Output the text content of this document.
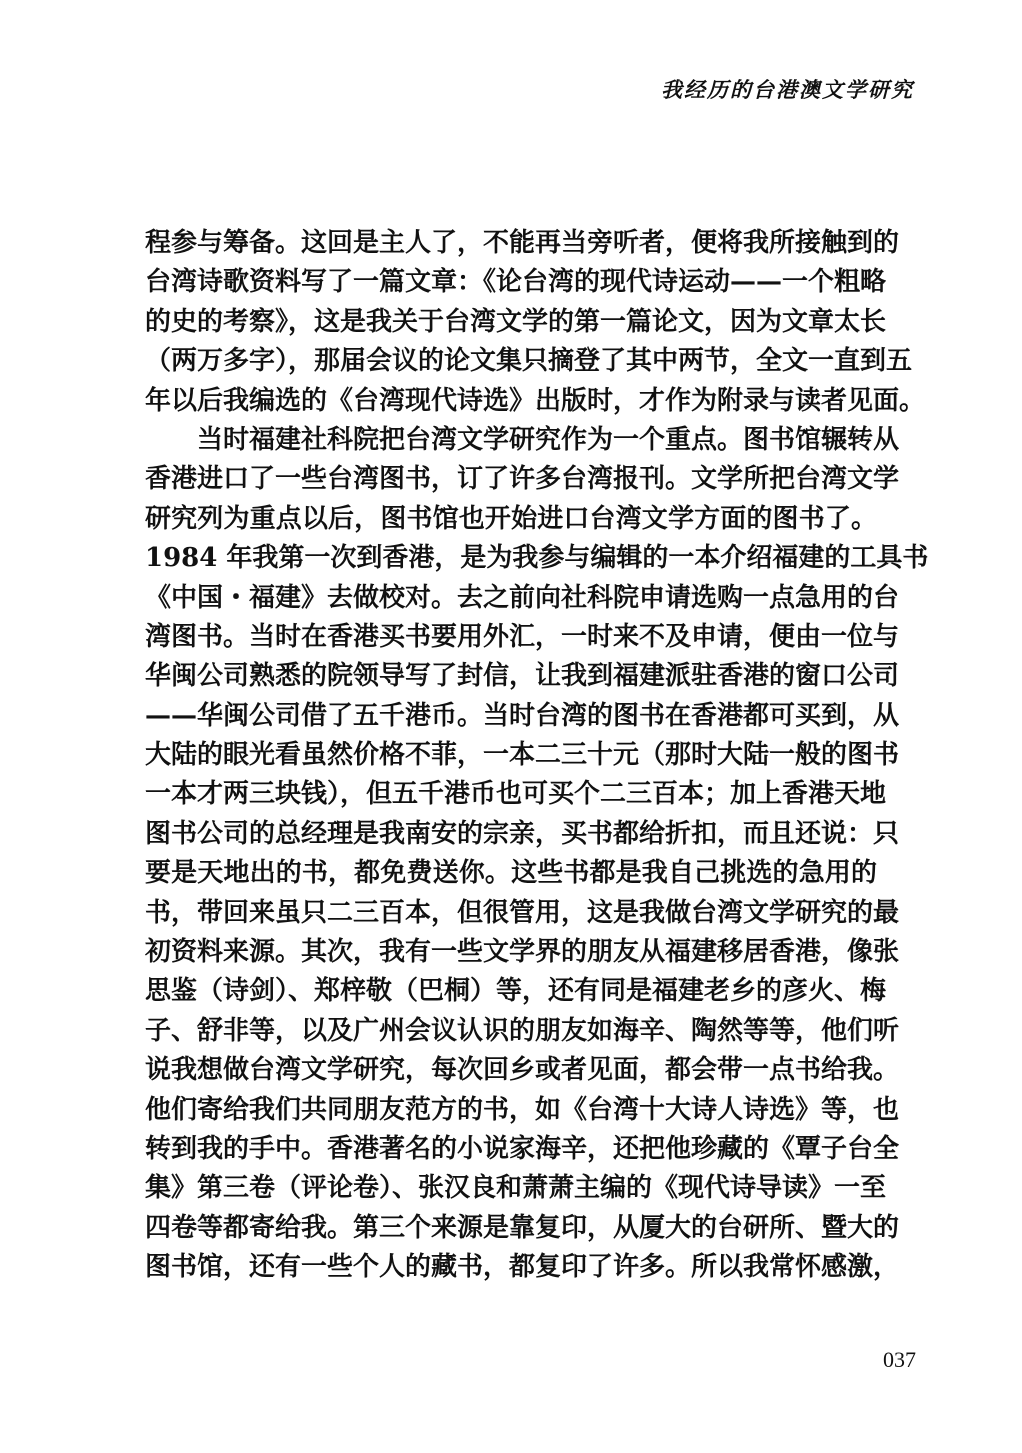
我经历的台港澳文学研究
程参与筹备。这回是主人了，不能再当旁听者，便将我所接触到的
台湾诗歌资料写了一篇文章：《论台湾的现代诗运动——一个粗略
的史的考察》，这是我关于台湾文学的第一篇论文，因为文章太长
（两万多字），那届会议的论文集只摘登了其中两节，全文一直到五
年以后我编选的《台湾现代诗选》出版时，才作为附录与读者见面。
　　当时福建社科院把台湾文学研究作为一个重点。图书馆辗转从
香港进口了一些台湾图书，订了许多台湾报刊。文学所把台湾文学
研究列为重点以后，图书馆也开始进口台湾文学方面的图书了。
1984 年我第一次到香港，是为我参与编辑的一本介绍福建的工具书
《中国・福建》去做校对。去之前向社科院申请选购一点急用的台
湾图书。当时在香港买书要用外汇，一时来不及申请，便由一位与
华闽公司熟悉的院领导写了封信，让我到福建派驻香港的窗口公司
——华闽公司借了五千港币。当时台湾的图书在香港都可买到，从
大陆的眼光看虽然价格不菲，一本二三十元（那时大陆一般的图书
一本才两三块钱），但五千港币也可买个二三百本；加上香港天地
图书公司的总经理是我南安的宗亲，买书都给折扣，而且还说：只
要是天地出的书，都免费送你。这些书都是我自己挑选的急用的
书，带回来虽只二三百本，但很管用，这是我做台湾文学研究的最
初资料来源。其次，我有一些文学界的朋友从福建移居香港，像张
思鉴（诗剑）、郑梓敬（巴桐）等，还有同是福建老乡的彦火、梅
子、舒非等，以及广州会议认识的朋友如海辛、陶然等等，他们听
说我想做台湾文学研究，每次回乡或者见面，都会带一点书给我。
他们寄给我们共同朋友范方的书，如《台湾十大诗人诗选》等，也
转到我的手中。香港著名的小说家海辛，还把他珍藏的《覃子台全
集》第三卷（评论卷）、张汉良和萧萧主编的《现代诗导读》一至
四卷等都寄给我。第三个来源是靠复印，从厦大的台研所、暨大的
图书馆，还有一些个人的藏书，都复印了许多。所以我常怀感激，
037
